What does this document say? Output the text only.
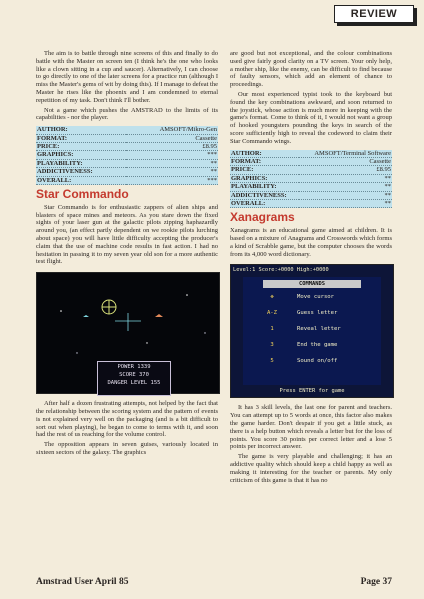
REVIEW

The aim is to battle through nine screens of this and finally to do battle with the Master on screen ten (I think he's the one who looks like a clown sitting in a cup and saucer). Alternatively, I can choose to go directly to one of the later screens for a practice run (although I miss the Master's gems of wit by doing this). If I manage to defeat the Master he rises like the phoenix and I am condemned to eternal repetition of my task. Don't think I'll bother.

Not a game which pushes the AMSTRAD to the limits of its capabilities - nor the player.

AUTHOR:	AMSOFT/Mikro-Gen
FORMAT:	Cassette
PRICE:	£8.95
GRAPHICS:	***
PLAYABILITY:	**
ADDICTIVENESS:	**
OVERALL:	***
Star Commando

Star Commando is for enthusiastic zappers of alien ships and blasters of space mines and meteors. As you stare down the fixed sights of your laser gun at the galactic pilots zipping haphazardly around you, (an effect partly dependent on we rookie pilots lurching about space) you will have little difficulty accepting the producer's claim that the use of machine code results in fast action. I had no hesitation in passing it to my seven year old son for a more authentic test flight.

POWER 1339
SCORE 370
DANGER LEVEL 155

After half a dozen frustrating attempts, not helped by the fact that the relationship between the scoring system and the pattern of events is not explained very well on the packaging (and is a bit difficult to sort out when playing), he began to come to terms with it, and soon had the rest of us reaching for the volume control.

The opposition appears in seven guises, variously located in sixteen sectors of the galaxy. The graphics

are good but not exceptional, and the colour combinations used give fairly good clarity on a TV screen. Your only help, a mother ship, like the enemy, can be difficult to find because of faulty sensors, which add an element of chance to proceedings.

Our most experienced typist took to the keyboard but found the key combinations awkward, and soon returned to the joystick, whose action is much more in keeping with the game's format. Come to think of it, I would not want a group of hooked youngsters pounding the keys in search of the score sufficiently high to reveal the codeword to claim their Star Commando wings.

AUTHOR:	AMSOFT/Terminal Software
FORMAT:	Cassette
PRICE:	£8.95
GRAPHICS:	**
PLAYABILITY:	**
ADDICTIVENESS:	**
OVERALL:	**
Xanagrams

Xanagrams is an educational game aimed at children. It is based on a mixture of Anagrams and Crosswords which forms a kind of Scrabble game, but the computer chooses the words from its 4,000 word dictionary.

Level:1 Score:+0000 High:+0000
COMMANDS
✥	Move cursor
A-Z	Guess letter
1	Reveal letter
3	End the game
5	Sound on/off
Press ENTER for game

It has 3 skill levels, the last one for parent and teachers. You can attempt up to 5 words at once, this factor also makes the game harder. Don't despair if you get a little stuck, as there is a help button which reveals a letter but for the loss of points. You score 30 points per correct letter and a lose 5 points per incorrect answer.

The game is very playable and challenging; it has an addictive quality which should keep a child happy as well as making it interesting for the teacher or parents. My only criticism of this game is that it has no

Amstrad User April 85	Page 37
